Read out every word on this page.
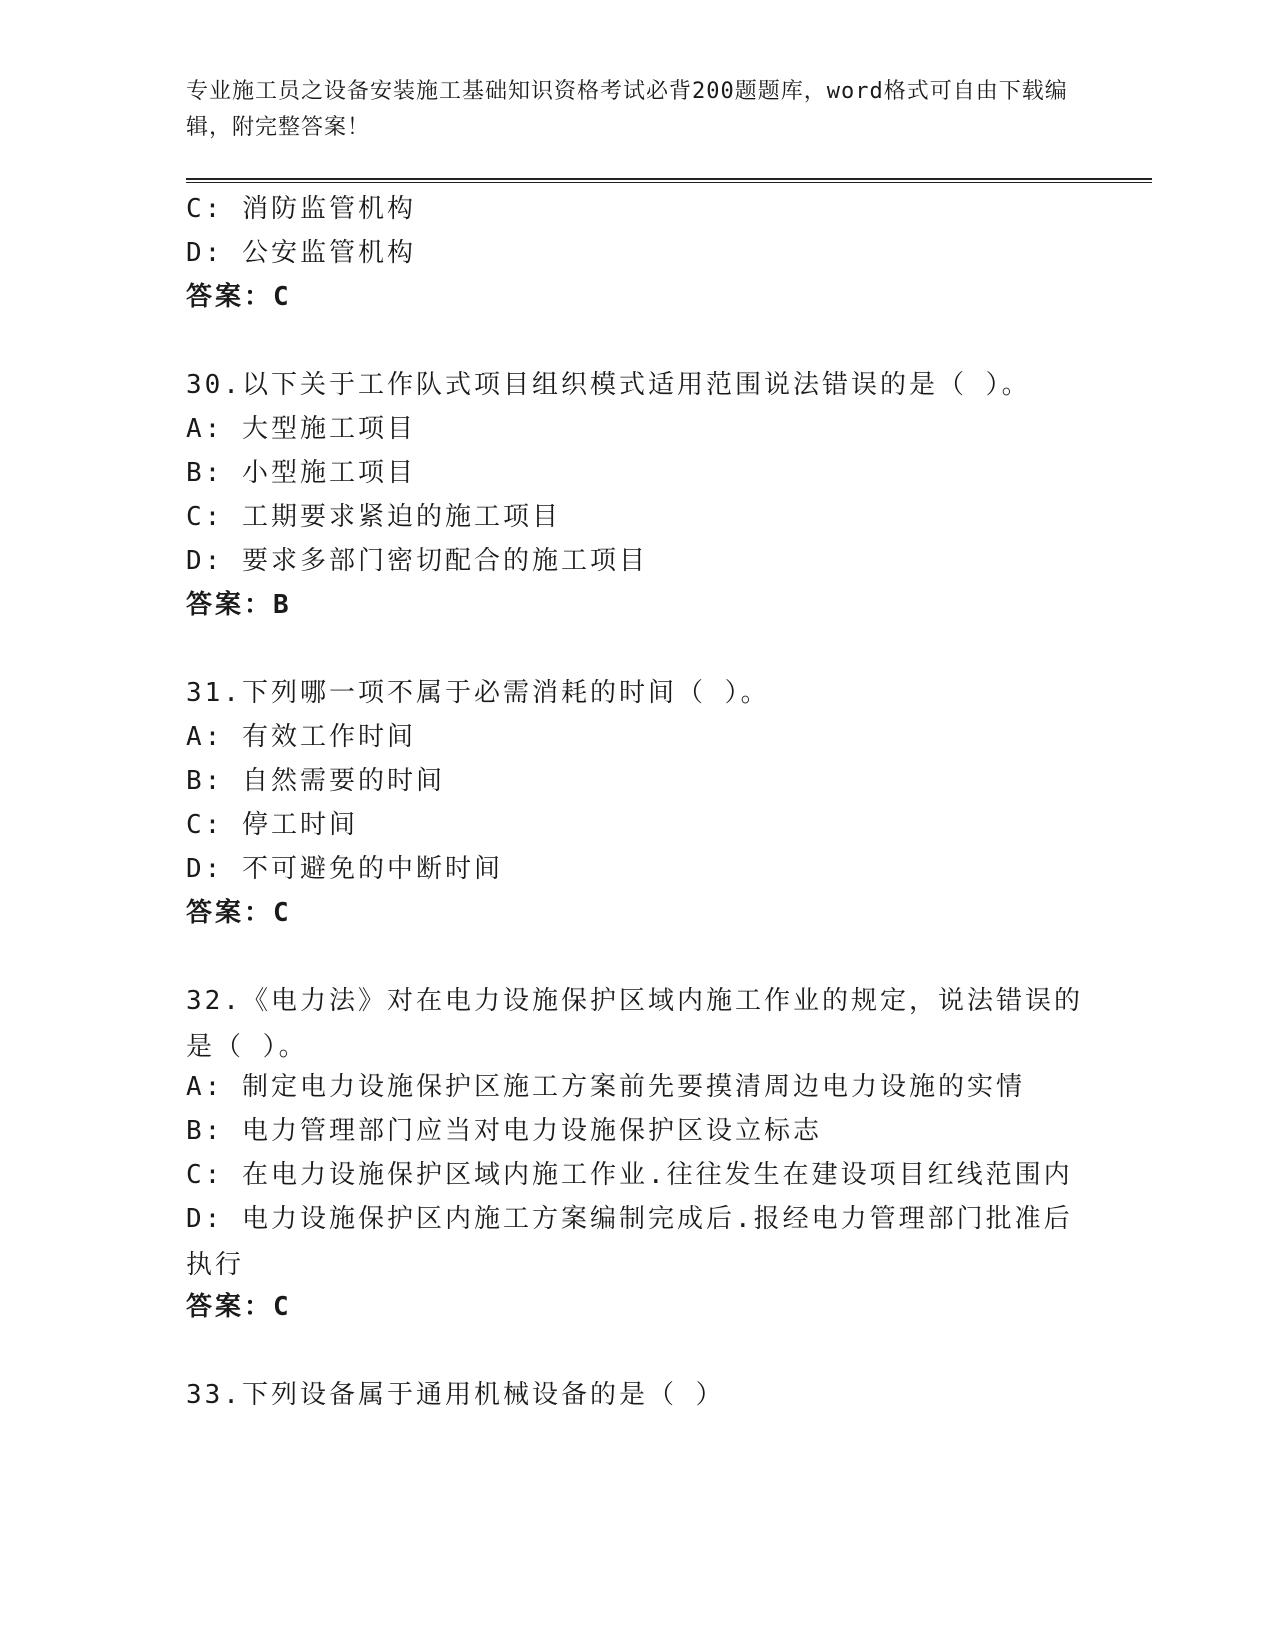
专业施工员之设备安装施工基础知识资格考试必背200题题库，word格式可自由下载编辑，附完整答案！
C: 消防监管机构
D: 公安监管机构
答案：C
30.以下关于工作队式项目组织模式适用范围说法错误的是（ ）。
A: 大型施工项目
B: 小型施工项目
C: 工期要求紧迫的施工项目
D: 要求多部门密切配合的施工项目
答案：B
31.下列哪一项不属于必需消耗的时间（ ）。
A: 有效工作时间
B: 自然需要的时间
C: 停工时间
D: 不可避免的中断时间
答案：C
32.《电力法》对在电力设施保护区域内施工作业的规定，说法错误的是（ ）。
A: 制定电力设施保护区施工方案前先要摸清周边电力设施的实情
B: 电力管理部门应当对电力设施保护区设立标志
C: 在电力设施保护区域内施工作业.往往发生在建设项目红线范围内
D: 电力设施保护区内施工方案编制完成后.报经电力管理部门批准后执行
答案：C
33.下列设备属于通用机械设备的是（ ）
